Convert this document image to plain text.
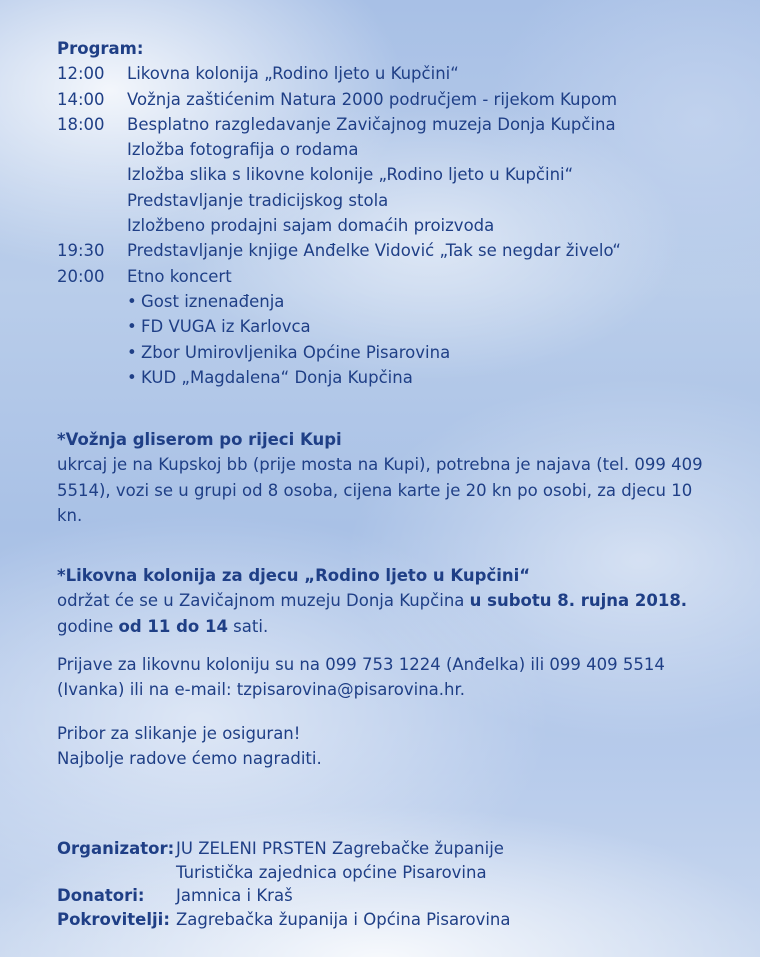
Program:
12:00	Likovna kolonija „Rodino ljeto u Kupčini“
14:00	Vožnja zaštićenim Natura 2000 područjem - rijekom Kupom
18:00	Besplatno razgledavanje Zavičajnog muzeja Donja Kupčina
Izložba fotografija o rodama
Izložba slika s likovne kolonije „Rodino ljeto u Kupčini“
Predstavljanje tradicijskog stola
Izložbeno prodajni sajam domaćih proizvoda
19:30	Predstavljanje knjige Anđelke Vidović „Tak se negdar živelo“
20:00	Etno koncert
• Gost iznenađenja
• FD VUGA iz Karlovca
• Zbor Umirovljenika Općine Pisarovina
• KUD „Magdalena“ Donja Kupčina
*Vožnja gliserom po rijeci Kupi
ukrcaj je na Kupskoj bb (prije mosta na Kupi), potrebna je najava (tel. 099 409 5514), vozi se u grupi od 8 osoba, cijena karte je 20 kn po osobi, za djecu 10 kn.
*Likovna kolonija za djecu „Rodino ljeto u Kupčini“
održat će se u Zavičajnom muzeju Donja Kupčina u subotu 8. rujna 2018. godine od 11 do 14 sati.
Prijave za likovnu koloniju su na 099 753 1224 (Anđelka) ili 099 409 5514 (Ivanka) ili na e-mail: tzpisarovina@pisarovina.hr.
Pribor za slikanje je osiguran!
Najbolje radove ćemo nagraditi.
Organizator: JU ZELENI PRSTEN Zagrebačke županije
Turistička zajednica općine Pisarovina
Donatori:	Jamnica i Kraš
Pokrovitelji: Zagrebačka županija i Općina Pisarovina
